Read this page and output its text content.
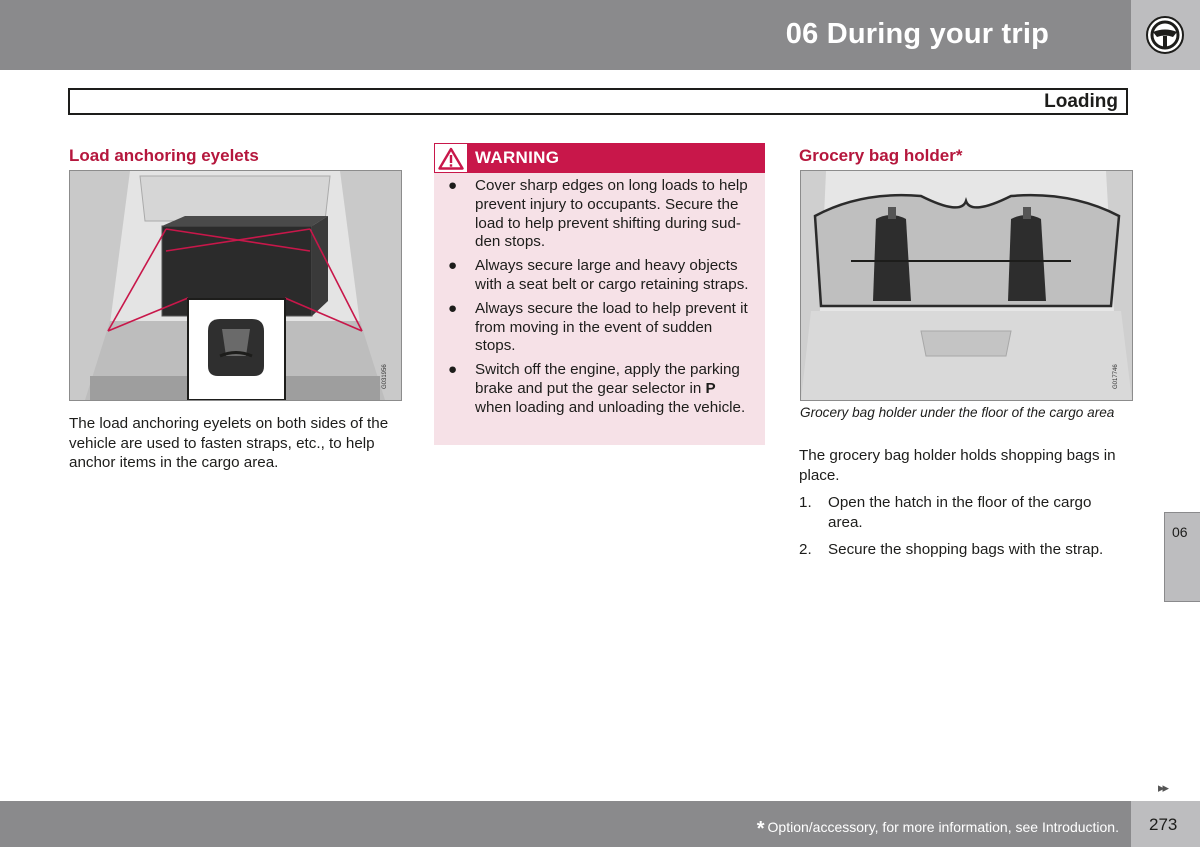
06 During your trip
Loading
Load anchoring eyelets
G031956
The load anchoring eyelets on both sides of the vehicle are used to fasten straps, etc., to help anchor items in the cargo area.
WARNING
● Cover sharp edges on long loads to help prevent injury to occupants. Secure the load to help prevent shifting during sud-den stops.
● Always secure large and heavy objects with a seat belt or cargo retaining straps.
● Always secure the load to help prevent it from moving in the event of sudden stops.
● Switch off the engine, apply the parking brake and put the gear selector in P when loading and unloading the vehicle.
Grocery bag holder*
G017746
Grocery bag holder under the floor of the cargo area
The grocery bag holder holds shopping bags in place.
1. Open the hatch in the floor of the cargo area.
2. Secure the shopping bags with the strap.
06
▸▸
* Option/accessory, for more information, see Introduction. 273
